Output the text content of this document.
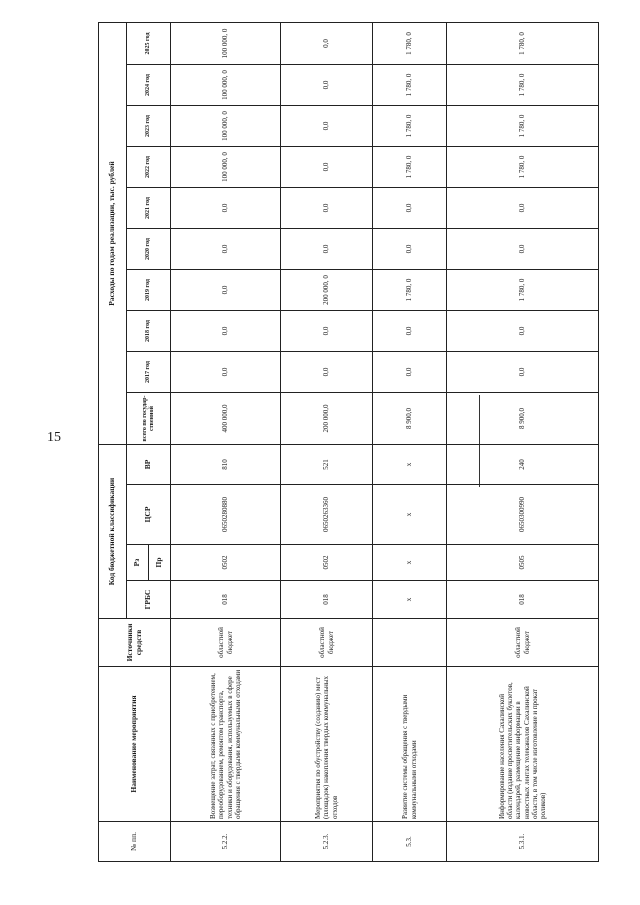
15
№ пп.	Наименование мероприятия	Источники средств	Код бюджетной классификации				Расходы по годам реализации, тыс. рублей									
			ГРБС	Рз	ЦСР	ВР	всего по государ-ственной	2017 год	2018 год	2019 год	2020 год	2021 год	2022 год	2023 год	2024 год	2025 год
				Пр												
5.2.2.	Возмещение затрат, связанных с приобретением, переоборудованием, ремонтом транспорта, техники и оборудования, используемых в сфере обращения с твердыми коммунальными отходами	областной бюджет	018	0502	0650280880	810	400 000,0	0,0	0,0	0,0	0,0	0,0	100 000, 0	100 000, 0	100 000, 0	100 000, 0
5.2.3.	Мероприятия по обустройству (созданию) мест (площадок) накопления твердых коммунальных отходов	областной бюджет	018	0502	0650263360	521	200 000,0	0,0	0,0	200 000, 0	0,0	0,0	0,0	0,0	0,0	0,0
5.3.	Развитие системы обращения с твердыми коммунальными отходами		x	x	x	x	8 900,0	0,0	0,0	1 780, 0	0,0	0,0	1 780, 0	1 780, 0	1 780, 0	1 780, 0
5.3.1.	Информирование населения Сахалинской области (издание просветительских буклетов, календарей, размещение информации в новостных лентах телеканалов Сахалинской области, в том числе изготовление и прокат роликов)	областной бюджет	018	0505	0650300990	240	8 900,0	0,0	0,0	1 780, 0	0,0	0,0	1 780, 0	1 780, 0	1 780, 0	1 780, 0
